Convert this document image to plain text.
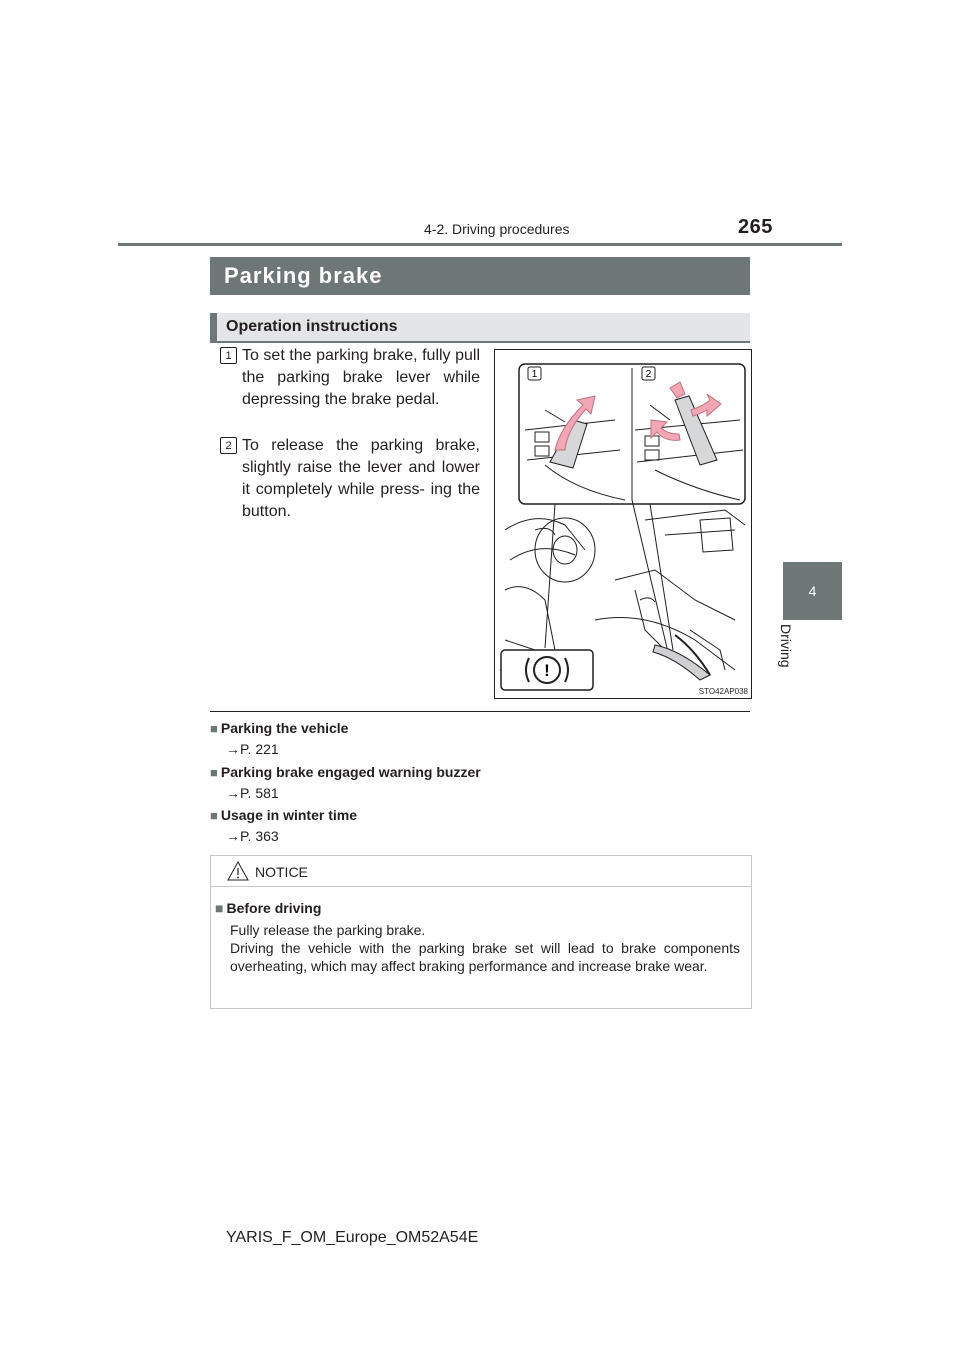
4-2. Driving procedures	265
4
Driving
Parking brake
Operation instructions
1 To set the parking brake, fully pull the parking brake lever while depressing the brake pedal.
2 To release the parking brake, slightly raise the lever and lower it completely while press- ing the button.
1	2
!
STO42AP038
■ Parking the vehicle
→P. 221
■ Parking brake engaged warning buzzer
→P. 581
■ Usage in winter time
→P. 363
NOTICE
■ Before driving
Fully release the parking brake.
Driving the vehicle with the parking brake set will lead to brake components overheating, which may affect braking performance and increase brake wear.
YARIS_F_OM_Europe_OM52A54E
